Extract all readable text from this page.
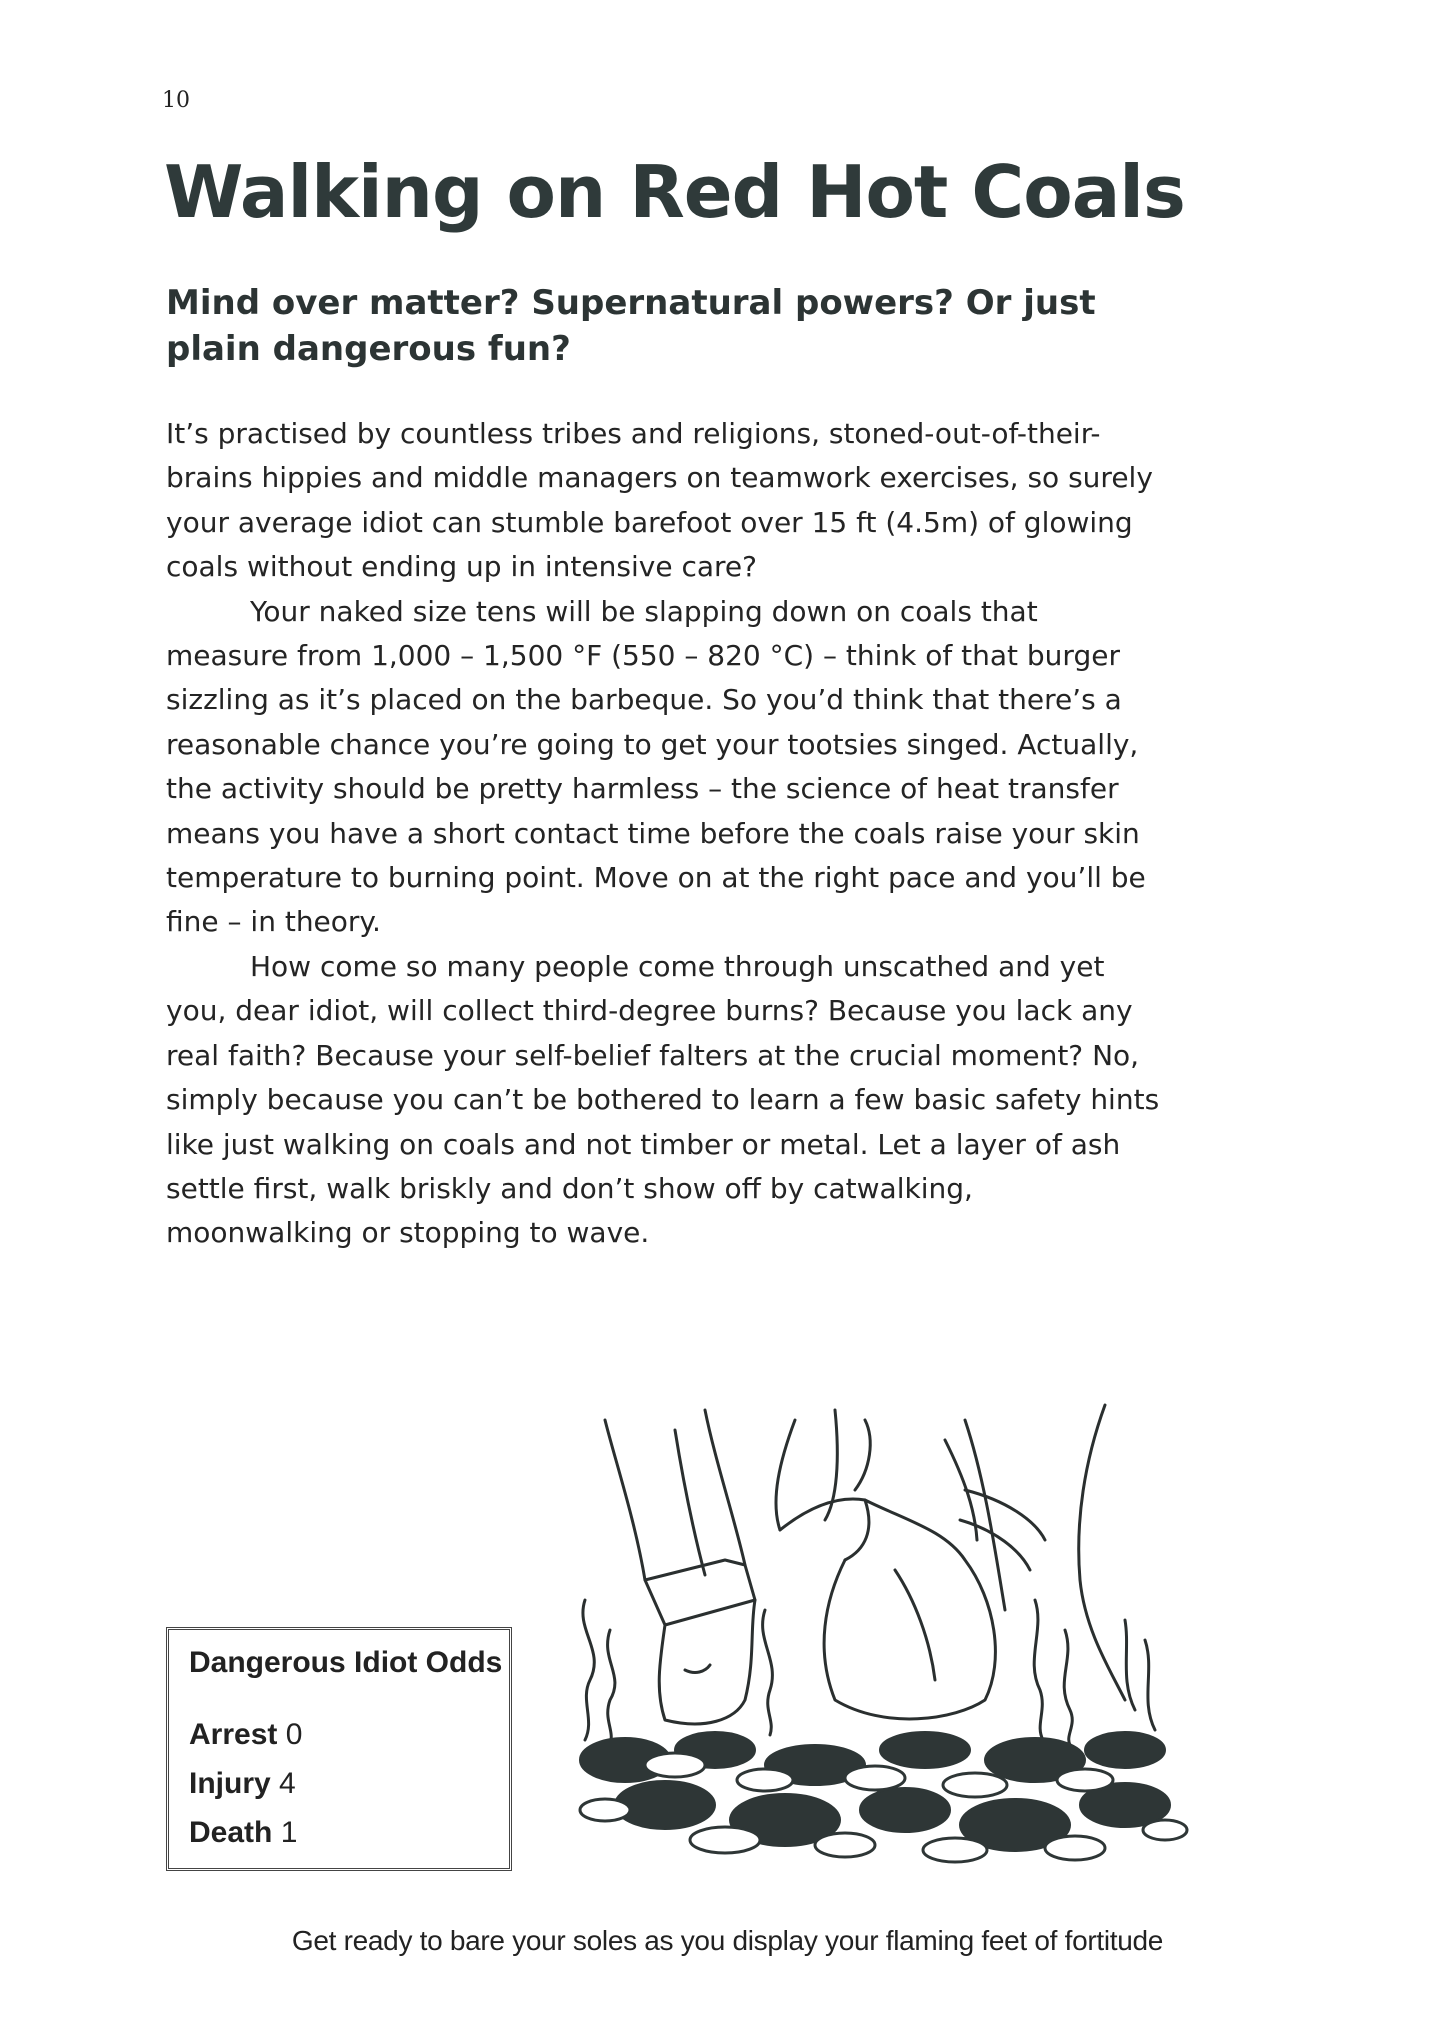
10
Walking on Red Hot Coals
Mind over matter? Supernatural powers? Or just plain dangerous fun?

It’s practised by countless tribes and religions, stoned-out-of-their-brains hippies and middle managers on teamwork exercises, so surely your average idiot can stumble barefoot over 15 ft (4.5m) of glowing coals without ending up in intensive care?

Your naked size tens will be slapping down on coals that measure from 1,000 – 1,500 °F (550 – 820 °C) – think of that burger sizzling as it’s placed on the barbeque. So you’d think that there’s a reasonable chance you’re going to get your tootsies singed. Actually, the activity should be pretty harmless – the science of heat transfer means you have a short contact time before the coals raise your skin temperature to burning point. Move on at the right pace and you’ll be fine – in theory.

How come so many people come through unscathed and yet you, dear idiot, will collect third-degree burns? Because you lack any real faith? Because your self-belief falters at the crucial moment? No, simply because you can’t be bothered to learn a few basic safety hints like just walking on coals and not timber or metal. Let a layer of ash settle first, walk briskly and don’t show off by catwalking, moonwalking or stopping to wave.

Dangerous Idiot Odds
Arrest 0
Injury 4
Death 1
Get ready to bare your soles as you display your flaming feet of fortitude
